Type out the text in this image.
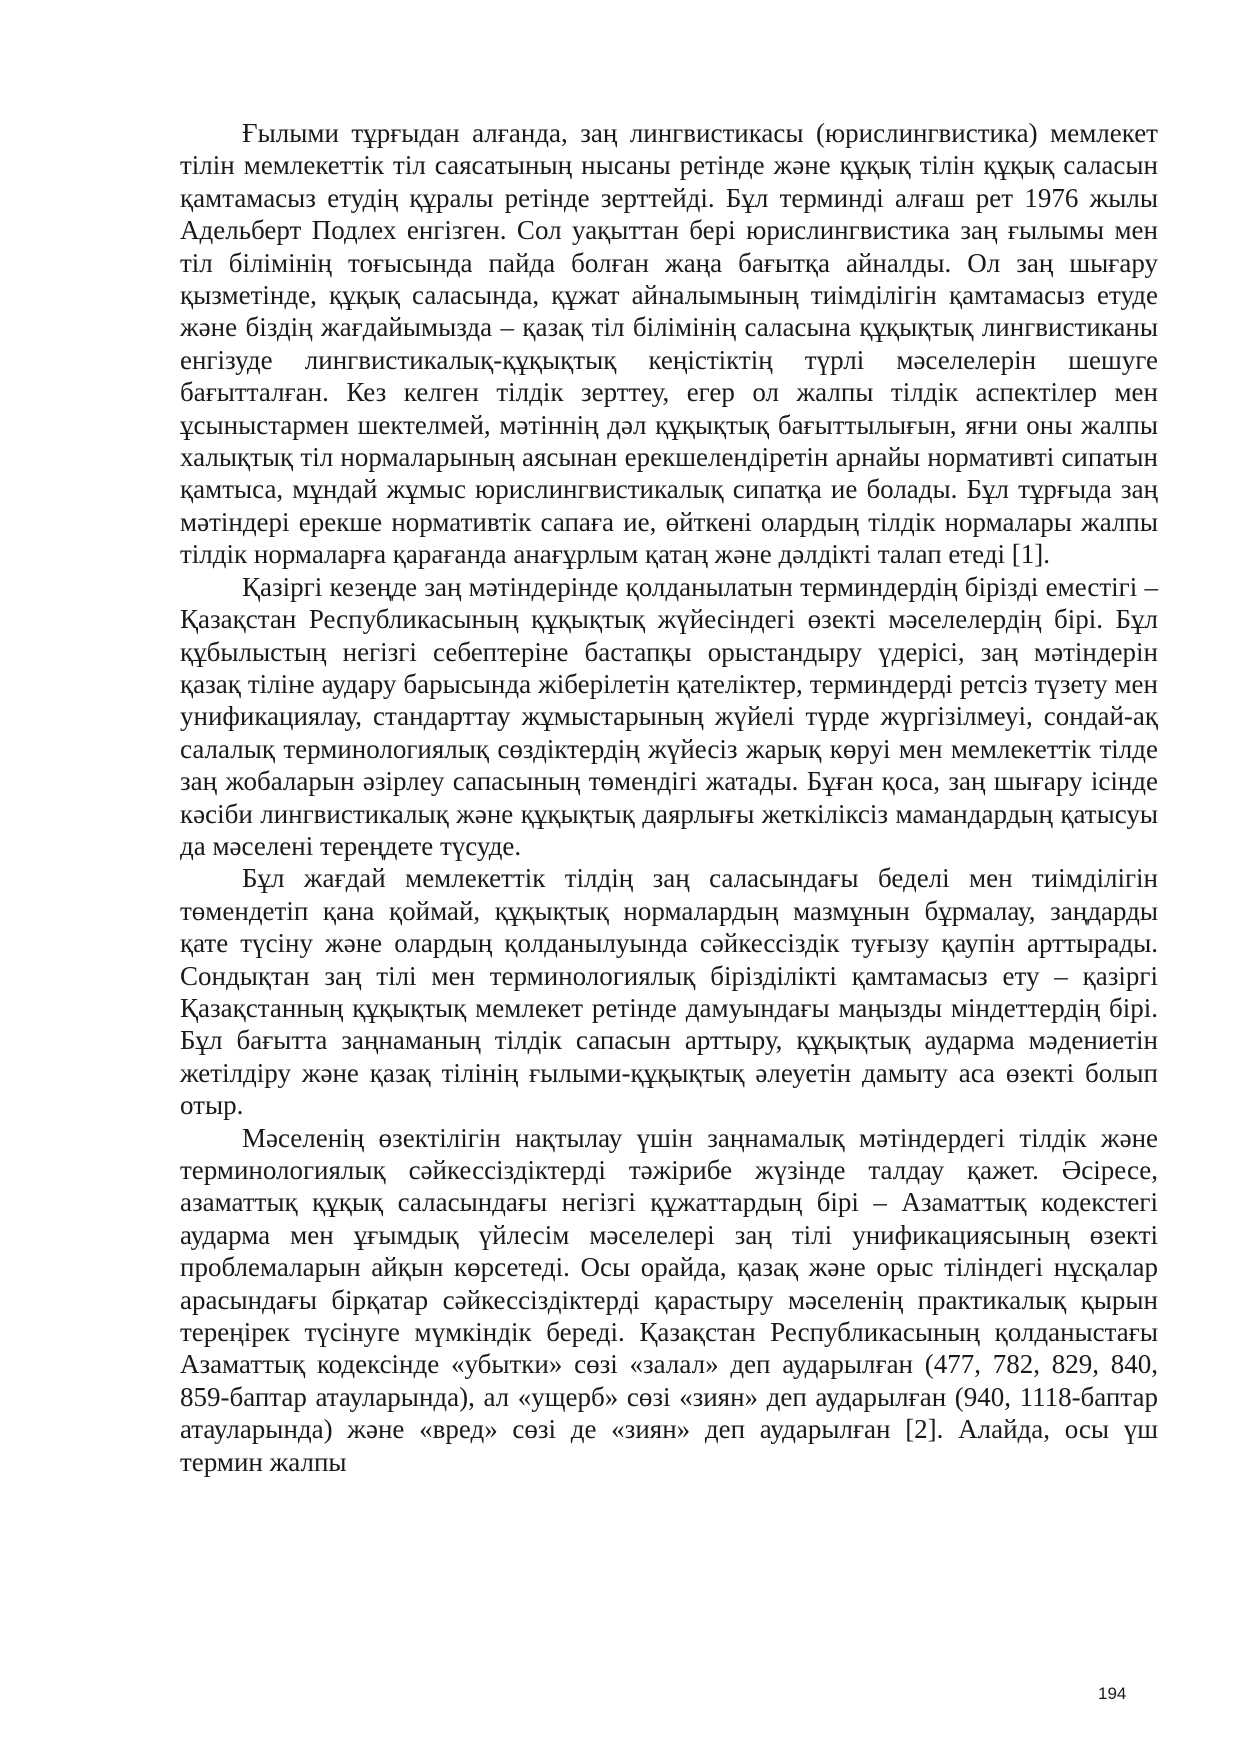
Ғылыми тұрғыдан алғанда, заң лингвистикасы (юрислингвистика) мемлекет тілін мемлекеттік тіл саясатының нысаны ретінде және құқық тілін құқық саласын қамтамасыз етудің құралы ретінде зерттейді. Бұл терминді алғаш рет 1976 жылы Адельберт Подлех енгізген. Сол уақыттан бері юрислингвистика заң ғылымы мен тіл білімінің тоғысында пайда болған жаңа бағытқа айналды. Ол заң шығару қызметінде, құқық саласында, құжат айналымының тиімділігін қамтамасыз етуде және біздің жағдайымызда – қазақ тіл білімінің саласына құқықтық лингвистиканы енгізуде лингвистикалық-құқықтық кеңістіктің түрлі мәселелерін шешуге бағытталған. Кез келген тілдік зерттеу, егер ол жалпы тілдік аспектілер мен ұсыныстармен шектелмей, мәтіннің дәл құқықтық бағыттылығын, яғни оны жалпы халықтық тіл нормаларының аясынан ерекшелендіретін арнайы нормативті сипатын қамтыса, мұндай жұмыс юрислингвистикалық сипатқа ие болады. Бұл тұрғыда заң мәтіндері ерекше нормативтік сапаға ие, өйткені олардың тілдік нормалары жалпы тілдік нормаларға қарағанда анағұрлым қатаң және дәлдікті талап етеді [1].

Қазіргі кезеңде заң мәтіндерінде қолданылатын терминдердің бірізді еместігі – Қазақстан Республикасының құқықтық жүйесіндегі өзекті мәселелердің бірі. Бұл құбылыстың негізгі себептеріне бастапқы орыстандыру үдерісі, заң мәтіндерін қазақ тіліне аудару барысында жіберілетін қателіктер, терминдерді ретсіз түзету мен унификациялау, стандарттау жұмыстарының жүйелі түрде жүргізілмеуі, сондай-ақ салалық терминологиялық сөздіктердің жүйесіз жарық көруі мен мемлекеттік тілде заң жобаларын әзірлеу сапасының төмендігі жатады. Бұған қоса, заң шығару ісінде кәсіби лингвистикалық және құқықтық даярлығы жеткіліксіз мамандардың қатысуы да мәселені тереңдете түсуде.

Бұл жағдай мемлекеттік тілдің заң саласындағы беделі мен тиімділігін төмендетіп қана қоймай, құқықтық нормалардың мазмұнын бұрмалау, заңдарды қате түсіну және олардың қолданылуында сәйкессіздік туғызу қаупін арттырады. Сондықтан заң тілі мен терминологиялық бірізділікті қамтамасыз ету – қазіргі Қазақстанның құқықтық мемлекет ретінде дамуындағы маңызды міндеттердің бірі. Бұл бағытта заңнаманың тілдік сапасын арттыру, құқықтық аударма мәдениетін жетілдіру және қазақ тілінің ғылыми-құқықтық әлеуетін дамыту аса өзекті болып отыр.

Мәселенің өзектілігін нақтылау үшін заңнамалық мәтіндердегі тілдік және терминологиялық сәйкессіздіктерді тәжірибе жүзінде талдау қажет. Әсіресе, азаматтық құқық саласындағы негізгі құжаттардың бірі – Азаматтық кодекстегі аударма мен ұғымдық үйлесім мәселелері заң тілі унификациясының өзекті проблемаларын айқын көрсетеді. Осы орайда, қазақ және орыс тіліндегі нұсқалар арасындағы бірқатар сәйкессіздіктерді қарастыру мәселенің практикалық қырын тереңірек түсінуге мүмкіндік береді. Қазақстан Республикасының қолданыстағы Азаматтық кодексінде «убытки» сөзі «залал» деп аударылған (477, 782, 829, 840, 859-баптар атауларында), ал «ущерб» сөзі «зиян» деп аударылған (940, 1118-баптар атауларында) және «вред» сөзі де «зиян» деп аударылған [2]. Алайда, осы үш термин жалпы

194
